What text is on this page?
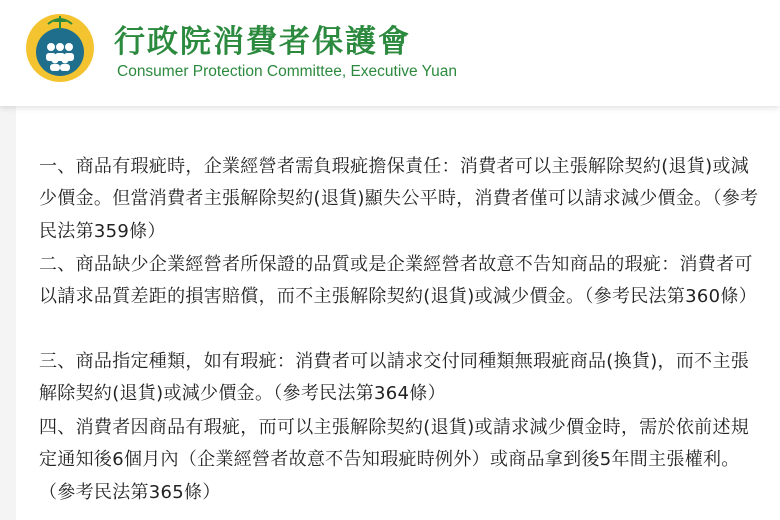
行政院消費者保護會
Consumer Protection Committee, Executive Yuan

一、商品有瑕疵時，企業經營者需負瑕疵擔保責任：消費者可以主張解除契約(退貨)或減少價金。但當消費者主張解除契約(退貨)顯失公平時，消費者僅可以請求減少價金。（參考民法第359條）

二、商品缺少企業經營者所保證的品質或是企業經營者故意不告知商品的瑕疵：消費者可以請求品質差距的損害賠償，而不主張解除契約(退貨)或減少價金。（參考民法第360條）

三、商品指定種類，如有瑕疵：消費者可以請求交付同種類無瑕疵商品(換貨)，而不主張解除契約(退貨)或減少價金。（參考民法第364條）

四、消費者因商品有瑕疵，而可以主張解除契約(退貨)或請求減少價金時，需於依前述規定通知後6個月內（企業經營者故意不告知瑕疵時例外）或商品拿到後5年間主張權利。（參考民法第365條）
